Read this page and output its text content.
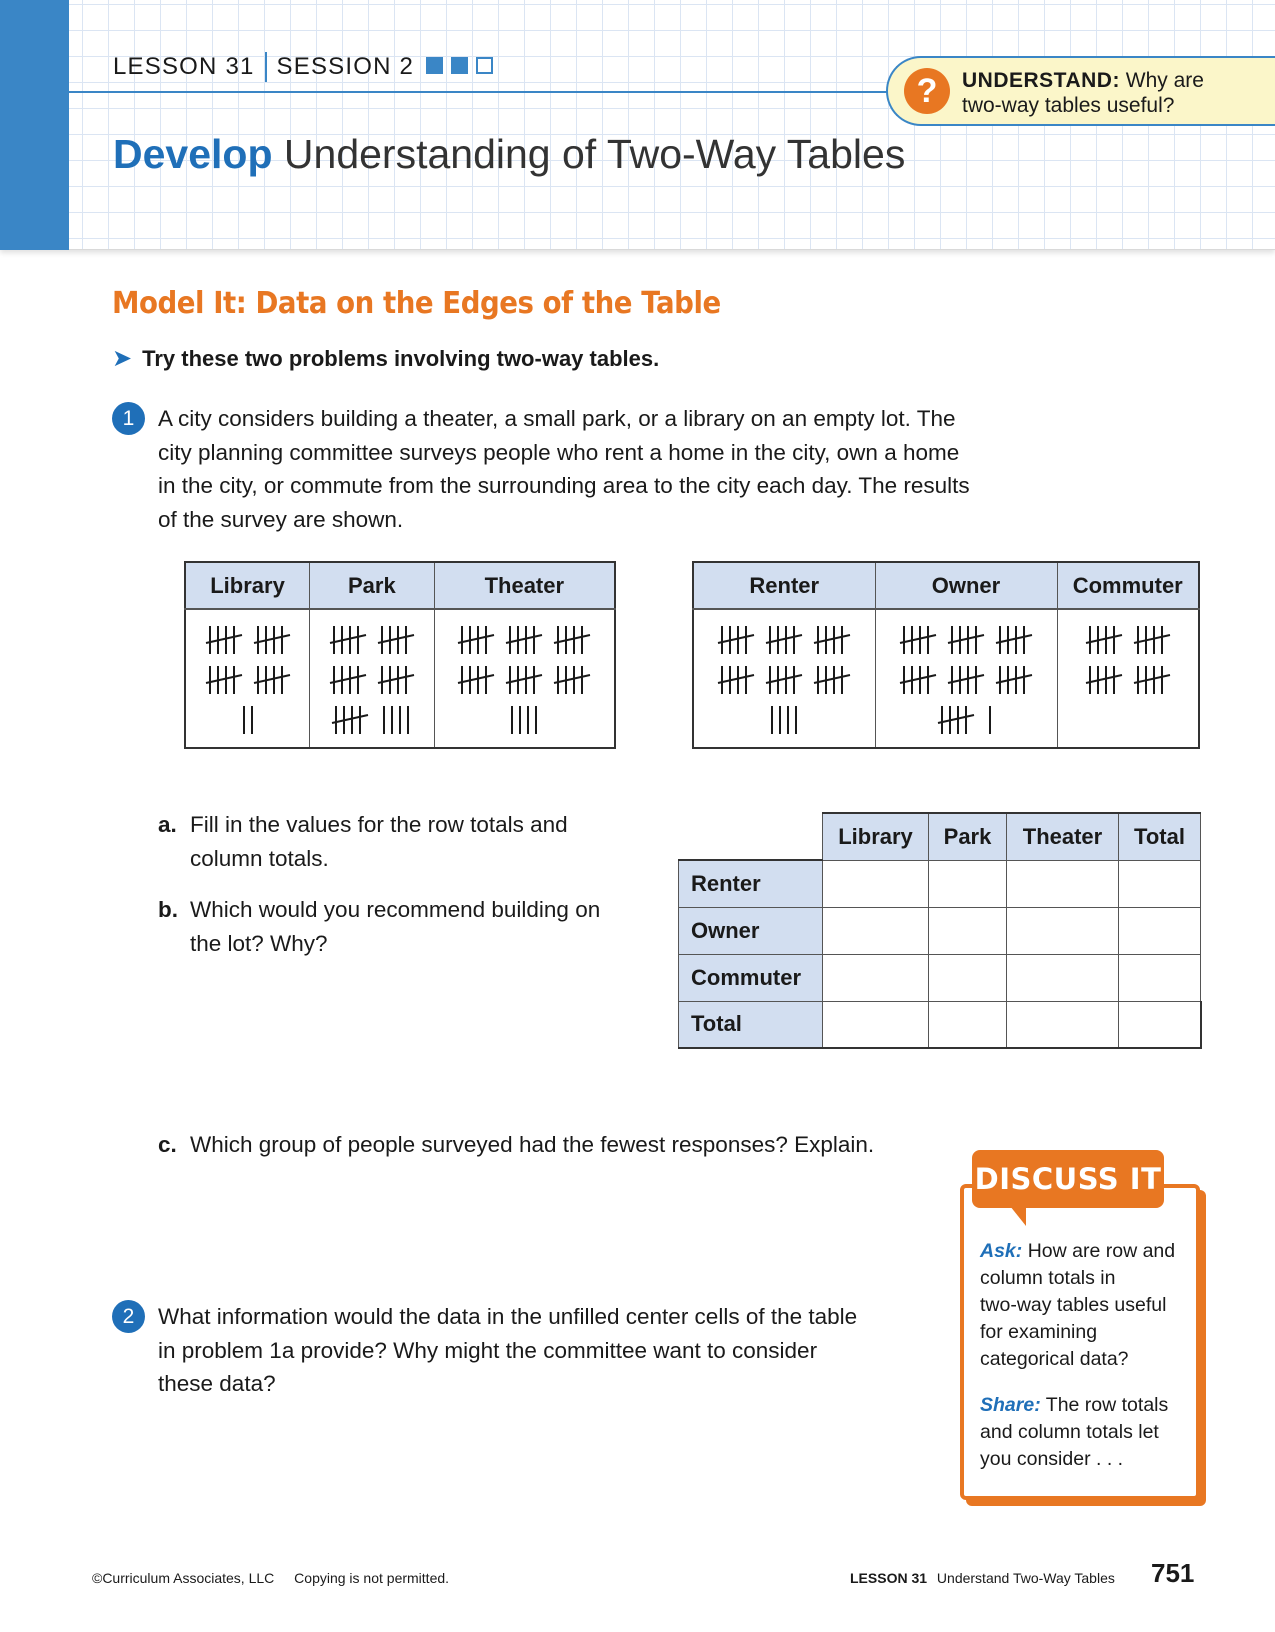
LESSON 31 SESSION 2
?	UNDERSTAND: Why are
two-way tables useful?
Develop Understanding of Two-Way Tables
Model It: Data on the Edges of the Table
➤ Try these two problems involving two-way tables.
1	A city considers building a theater, a small park, or a library on an empty lot. The
city planning committee surveys people who rent a home in the city, own a home
in the city, or commute from the surrounding area to the city each day. The results
of the survey are shown.
Library	Park	Theater

		Renter	Owner	Commuter

a. Fill in the values for the row totals and
column totals.
b. Which would you recommend building on
the lot? Why?
	Library	Park	Theater	Total
Renter				
Owner				
Commuter				
Total				
c. Which group of people surveyed had the fewest responses? Explain.
2	What information would the data in the unfilled center cells of the table
in problem 1a provide? Why might the committee want to consider
these data?
Ask: How are row and
column totals in
two-way tables useful
for examining
categorical data?
Share: The row totals
and column totals let
you consider . . .
DISCUSS IT
©Curriculum Associates, LLC Copying is not permitted.	LESSON 31 Understand Two-Way Tables 751
